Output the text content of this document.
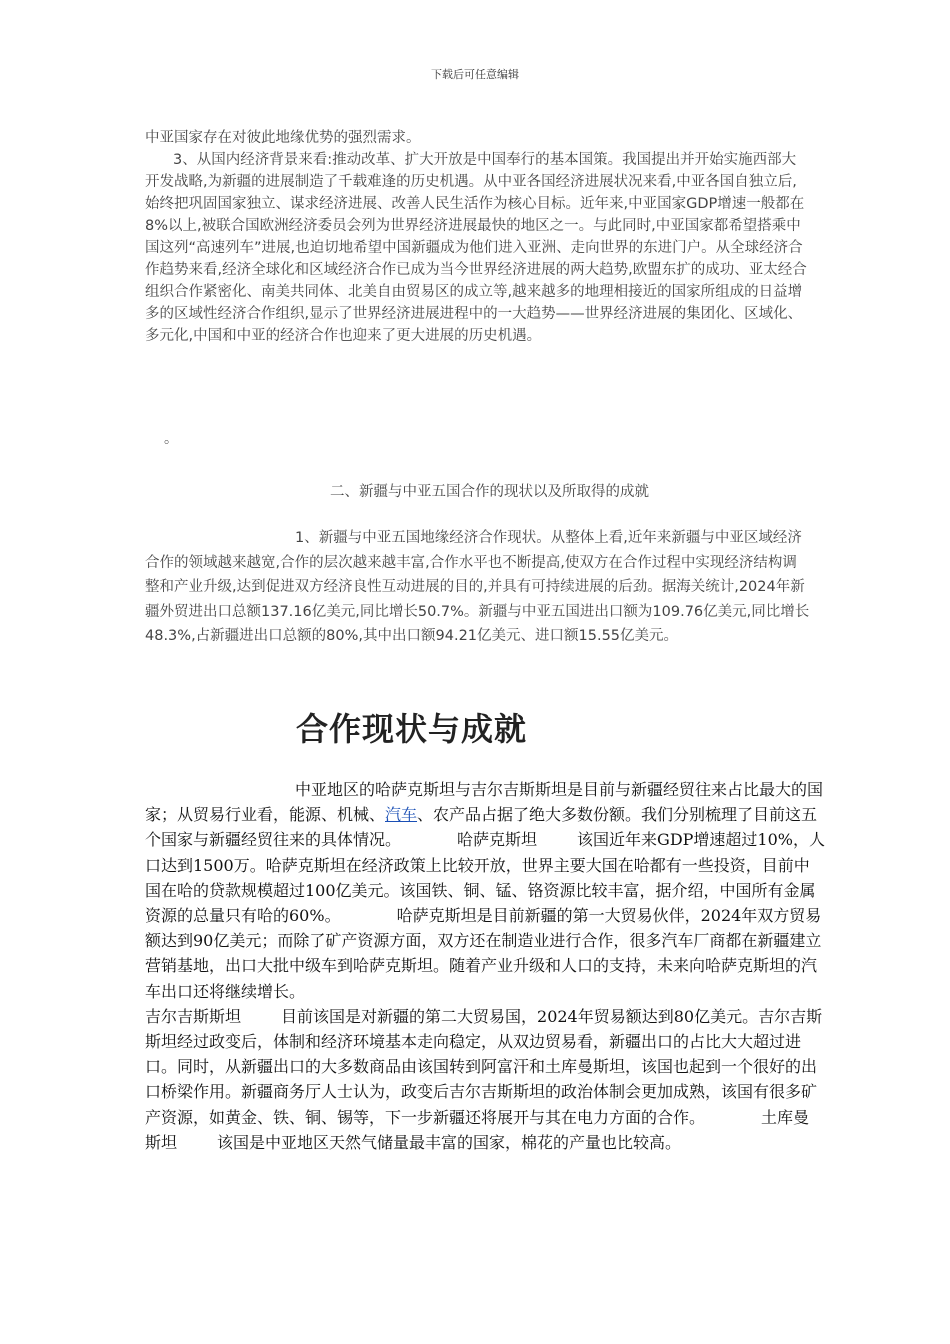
下载后可任意编辑
中亚国家存在对彼此地缘优势的强烈需求。
3、从国内经济背景来看:推动改革、扩大开放是中国奉行的基本国策。我国提出并开始实施西部大开发战略,为新疆的进展制造了千载难逢的历史机遇。从中亚各国经济进展状况来看,中亚各国自独立后,始终把巩固国家独立、谋求经济进展、改善人民生活作为核心目标。近年来,中亚国家GDP增速一般都在8%以上,被联合国欧洲经济委员会列为世界经济进展最快的地区之一。与此同时,中亚国家都希望搭乘中国这列“高速列车”进展,也迫切地希望中国新疆成为他们进入亚洲、走向世界的东进门户。从全球经济合作趋势来看,经济全球化和区域经济合作已成为当今世界经济进展的两大趋势,欧盟东扩的成功、亚太经合组织合作紧密化、南美共同体、北美自由贸易区的成立等,越来越多的地理相接近的国家所组成的日益增多的区域性经济合作组织,显示了世界经济进展进程中的一大趋势——世界经济进展的集团化、区域化、多元化,中国和中亚的经济合作也迎来了更大进展的历史机遇。
。
二、新疆与中亚五国合作的现状以及所取得的成就
1、新疆与中亚五国地缘经济合作现状。从整体上看,近年来新疆与中亚区域经济合作的领域越来越宽,合作的层次越来越丰富,合作水平也不断提高,使双方在合作过程中实现经济结构调整和产业升级,达到促进双方经济良性互动进展的目的,并具有可持续进展的后劲。据海关统计,2024年新疆外贸进出口总额137.16亿美元,同比增长50.7%。新疆与中亚五国进出口额为109.76亿美元,同比增长48.3%,占新疆进出口总额的80%,其中出口额94.21亿美元、进口额15.55亿美元。
合作现状与成就
中亚地区的哈萨克斯坦与吉尔吉斯斯坦是目前与新疆经贸往来占比最大的国家；从贸易行业看，能源、机械、汽车、农产品占据了绝大多数份额。我们分别梳理了目前这五个国家与新疆经贸往来的具体情况。	哈萨克斯坦	该国近年来GDP增速超过10%，人口达到1500万。哈萨克斯坦在经济政策上比较开放，世界主要大国在哈都有一些投资，目前中国在哈的贷款规模超过100亿美元。该国铁、铜、锰、铬资源比较丰富，据介绍，中国所有金属资源的总量只有哈的60%。	哈萨克斯坦是目前新疆的第一大贸易伙伴，2024年双方贸易额达到90亿美元；而除了矿产资源方面，双方还在制造业进行合作，很多汽车厂商都在新疆建立营销基地，出口大批中级车到哈萨克斯坦。随着产业升级和人口的支持，未来向哈萨克斯坦的汽车出口还将继续增长。
吉尔吉斯斯坦	目前该国是对新疆的第二大贸易国，2024年贸易额达到80亿美元。吉尔吉斯斯坦经过政变后，体制和经济环境基本走向稳定，从双边贸易看，新疆出口的占比大大超过进口。同时，从新疆出口的大多数商品由该国转到阿富汗和土库曼斯坦，该国也起到一个很好的出口桥梁作用。新疆商务厅人士认为，政变后吉尔吉斯斯坦的政治体制会更加成熟，该国有很多矿产资源，如黄金、铁、铜、锡等，下一步新疆还将展开与其在电力方面的合作。	土库曼斯坦	该国是中亚地区天然气储量最丰富的国家，棉花的产量也比较高。
